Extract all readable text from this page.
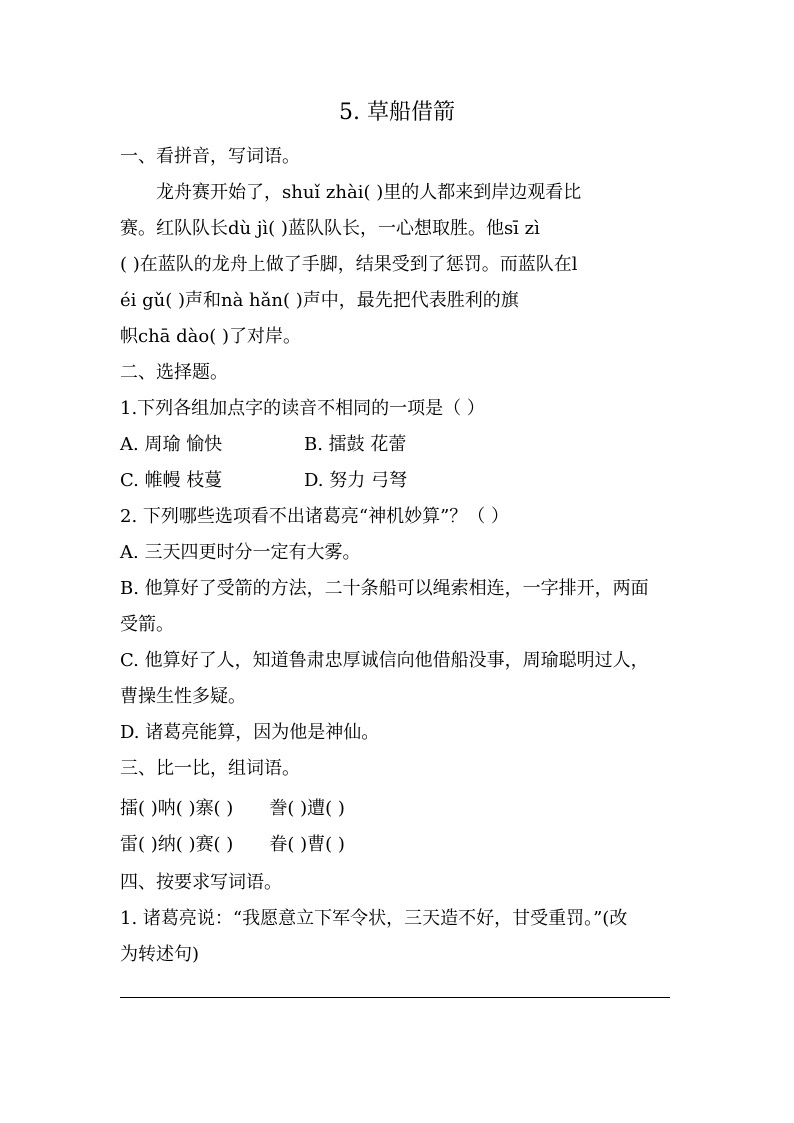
5. 草船借箭
一、看拼音，写词语。
龙舟赛开始了，shuǐ zhài( )里的人都来到岸边观看比
赛。红队队长dù jì( )蓝队队长，一心想取胜。他sī zì
( )在蓝队的龙舟上做了手脚，结果受到了惩罚。而蓝队在l
éi gǔ( )声和nà hǎn( )声中，最先把代表胜利的旗
帜chā dào( )了对岸。
二、选择题。
1.下列各组加点字的读音不相同的一项是（ ）
A. 周瑜 愉快	B. 擂鼓 花蕾
C. 帷幔 枝蔓	D. 努力 弓弩
2. 下列哪些选项看不出诸葛亮“神机妙算”？（ ）
A. 三天四更时分一定有大雾。
B. 他算好了受箭的方法，二十条船可以绳索相连，一字排开，两面
受箭。
C. 他算好了人，知道鲁肃忠厚诚信向他借船没事，周瑜聪明过人，
曹操生性多疑。
D. 诸葛亮能算，因为他是神仙。
三、比一比，组词语。
擂( )呐( )寨( ) 誊( )遭( )
雷( )纳( )赛( ) 眷( )曹( )
四、按要求写词语。
1. 诸葛亮说：“我愿意立下军令状，三天造不好，甘受重罚。”(改
为转述句)
